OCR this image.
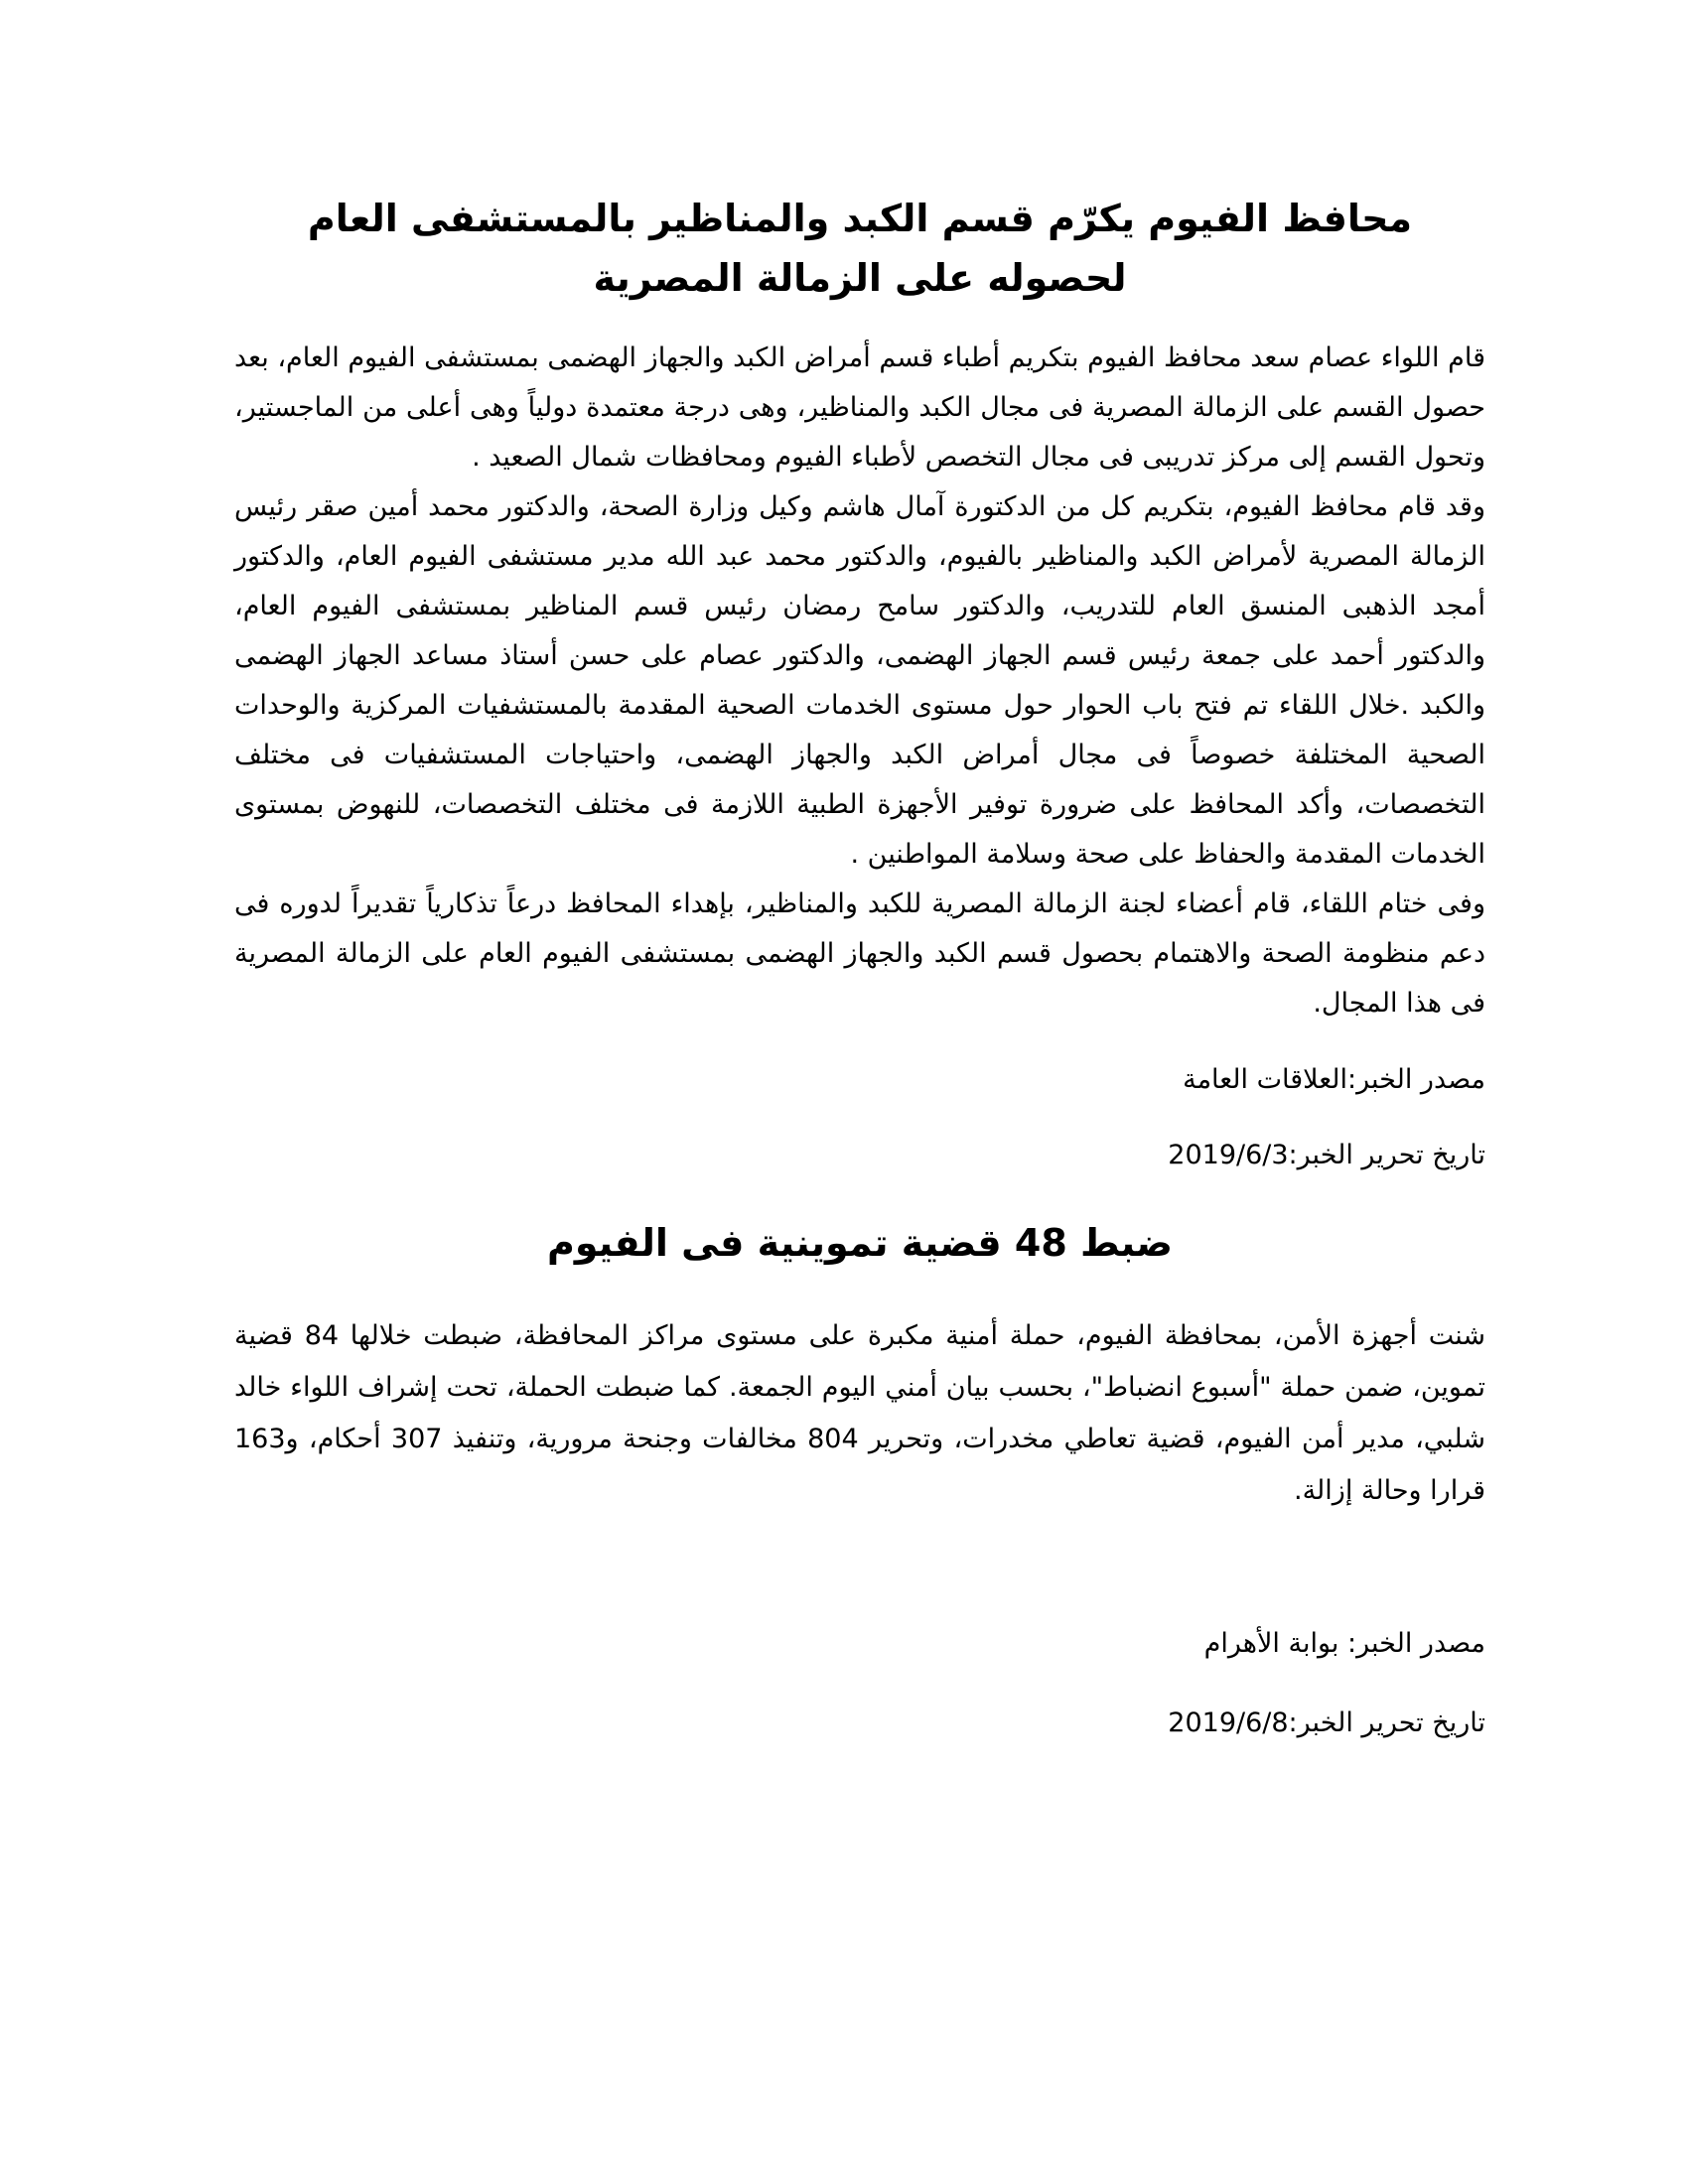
محافظ الفيوم يكرّم قسم الكبد والمناظير بالمستشفى العام لحصوله على الزمالة المصرية

قام اللواء عصام سعد محافظ الفيوم بتكريم أطباء قسم أمراض الكبد والجهاز الهضمى بمستشفى الفيوم العام، بعد حصول القسم على الزمالة المصرية فى مجال الكبد والمناظير، وهى درجة معتمدة دولياً وهى أعلى من الماجستير، وتحول القسم إلى مركز تدريبى فى مجال التخصص لأطباء الفيوم ومحافظات شمال الصعيد .

وقد قام محافظ الفيوم، بتكريم كل من الدكتورة آمال هاشم وكيل وزارة الصحة، والدكتور محمد أمين صقر رئيس الزمالة المصرية لأمراض الكبد والمناظير بالفيوم، والدكتور محمد عبد الله مدير مستشفى الفيوم العام، والدكتور أمجد الذهبى المنسق العام للتدريب، والدكتور سامح رمضان رئيس قسم المناظير بمستشفى الفيوم العام، والدكتور أحمد على جمعة رئيس قسم الجهاز الهضمى، والدكتور عصام على حسن أستاذ مساعد الجهاز الهضمى والكبد .خلال اللقاء تم فتح باب الحوار حول مستوى الخدمات الصحية المقدمة بالمستشفيات المركزية والوحدات الصحية المختلفة خصوصاً فى مجال أمراض الكبد والجهاز الهضمى، واحتياجات المستشفيات فى مختلف التخصصات، وأكد المحافظ على ضرورة توفير الأجهزة الطبية اللازمة فى مختلف التخصصات، للنهوض بمستوى الخدمات المقدمة والحفاظ على صحة وسلامة المواطنين .

وفى ختام اللقاء، قام أعضاء لجنة الزمالة المصرية للكبد والمناظير، بإهداء المحافظ درعاً تذكارياً تقديراً لدوره فى دعم منظومة الصحة والاهتمام بحصول قسم الكبد والجهاز الهضمى بمستشفى الفيوم العام على الزمالة المصرية فى هذا المجال.

مصدر الخبر:العلاقات العامة
تاريخ تحرير الخبر:2019/6/3
ضبط 48 قضية تموينية فى الفيوم

شنت أجهزة الأمن، بمحافظة الفيوم، حملة أمنية مكبرة على مستوى مراكز المحافظة، ضبطت خلالها 84 قضية تموين، ضمن حملة "أسبوع انضباط"، بحسب بيان أمني اليوم الجمعة. كما ضبطت الحملة، تحت إشراف اللواء خالد شلبي، مدير أمن الفيوم، قضية تعاطي مخدرات، وتحرير 804 مخالفات وجنحة مرورية، وتنفيذ 307 أحكام، و163 قرارا وحالة إزالة.

مصدر الخبر: بوابة الأهرام
تاريخ تحرير الخبر:2019/6/8
